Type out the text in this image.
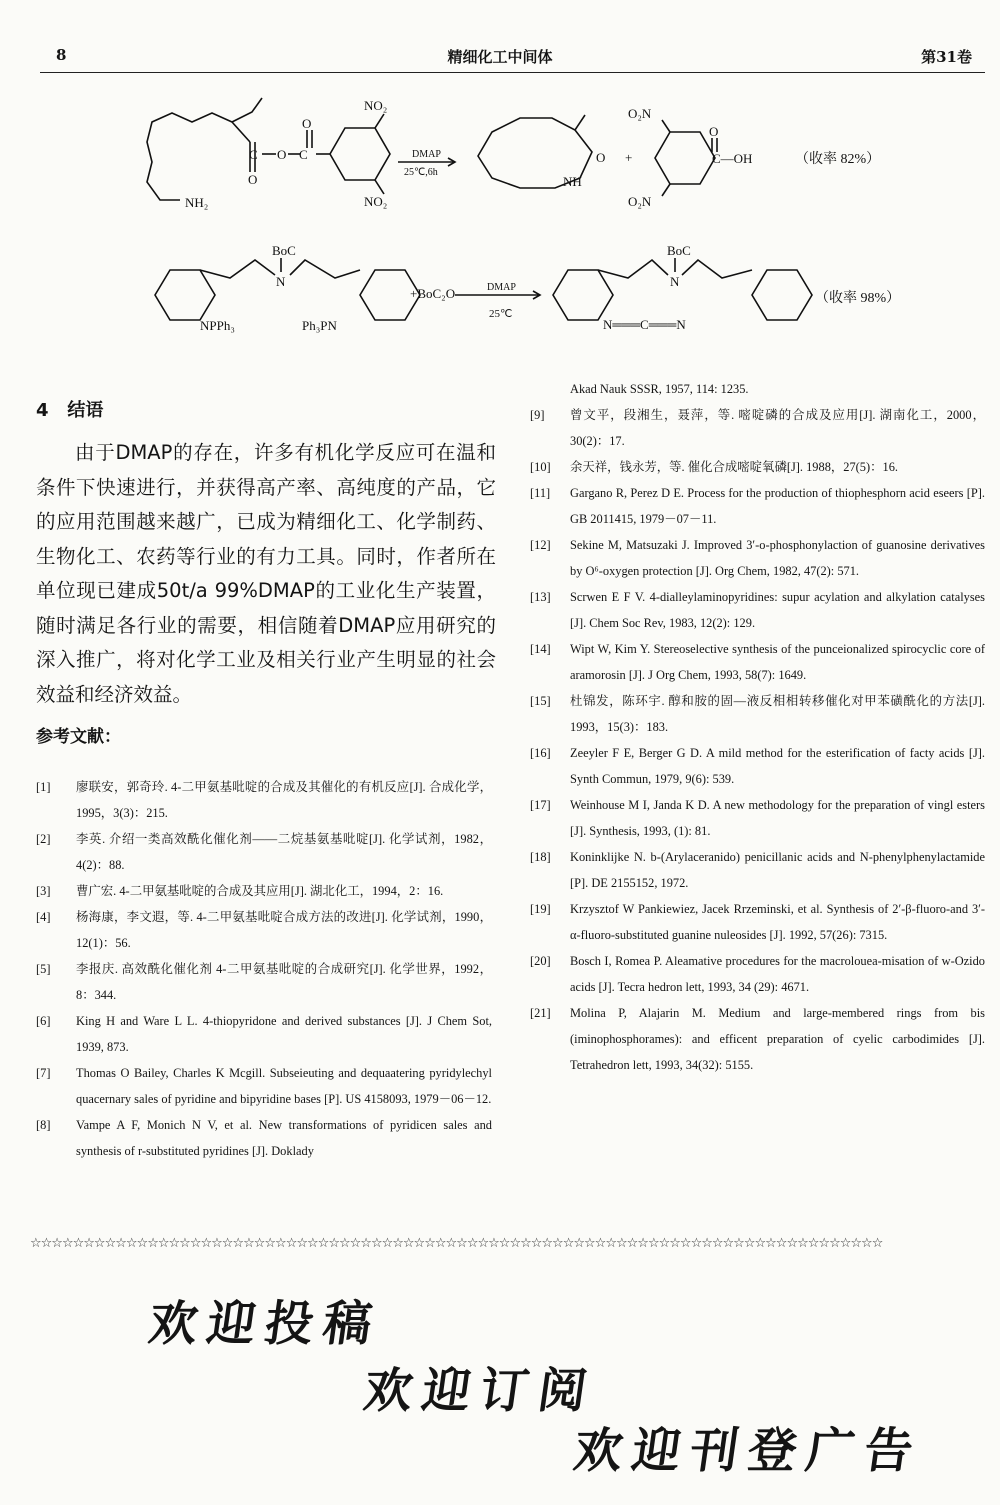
8	精细化工中间体	第31卷
NO₂
NO₂
NH₂
O
O
O
C	C	DMAP
25℃,6h
O
NH
+
O₂N
O₂N
O
C—OH	（收率 82%）
BoC
N
NPPh₃	Ph₃PN
+BoC₂O	DMAP
25℃
BoC
N
N═══C═══N
（收率 98%）
4 结语

由于DMAP的存在，许多有机化学反应可在温和条件下快速进行，并获得高产率、高纯度的产品，它的应用范围越来越广，已成为精细化工、化学制药、生物化工、农药等行业的有力工具。同时，作者所在单位现已建成50t/a 99%DMAP的工业化生产装置，随时满足各行业的需要，相信随着DMAP应用研究的深入推广，将对化学工业及相关行业产生明显的社会效益和经济效益。

参考文献：
[1] 廖联安，郭奇玲. 4-二甲氨基吡啶的合成及其催化的有机反应[J]. 合成化学，1995，3(3)：215.
[2] 李英. 介绍一类高效酰化催化剂——二烷基氨基吡啶[J]. 化学试剂，1982，4(2)：88.
[3] 曹广宏. 4-二甲氨基吡啶的合成及其应用[J]. 湖北化工，1994，2：16.
[4] 杨海康，李文遐，等. 4-二甲氨基吡啶合成方法的改进[J]. 化学试剂，1990，12(1)：56.
[5] 李报庆. 高效酰化催化剂 4-二甲氨基吡啶的合成研究[J]. 化学世界，1992，8：344.
[6] King H and Ware L L. 4-thiopyridone and derived substances [J]. J Chem Sot, 1939, 873.
[7] Thomas O Bailey, Charles K Mcgill. Subseieuting and dequaatering pyridylechyl quacernary sales of pyridine and bipyridine bases [P]. US 4158093, 1979－06－12.
[8] Vampe A F, Monich N V, et al. New transformations of pyridicen sales and synthesis of r-substituted pyridines [J]. Doklady
Akad Nauk SSSR, 1957, 114: 1235.
[9] 曾文平，段湘生，聂萍，等. 嘧啶磷的合成及应用[J]. 湖南化工，2000，30(2)：17.
[10] 余天祥，钱永芳，等. 催化合成嘧啶氧磷[J]. 1988，27(5)：16.
[11] Gargano R, Perez D E. Process for the production of thiophesphorn acid eseers [P]. GB 2011415, 1979－07－11.
[12] Sekine M, Matsuzaki J. Improved 3′-o-phosphonylaction of guanosine derivatives by O⁶-oxygen protection [J]. Org Chem, 1982, 47(2): 571.
[13] Scrwen E F V. 4-dialleylaminopyridines: supur acylation and alkylation catalyses [J]. Chem Soc Rev, 1983, 12(2): 129.
[14] Wipt W, Kim Y. Stereoselective synthesis of the punceionalized spirocyclic core of aramorosin [J]. J Org Chem, 1993, 58(7): 1649.
[15] 杜锦发，陈环宇. 醇和胺的固—液反相相转移催化对甲苯磺酰化的方法[J]. 1993，15(3)：183.
[16] Zeeyler F E, Berger G D. A mild method for the esterification of facty acids [J]. Synth Commun, 1979, 9(6): 539.
[17] Weinhouse M I, Janda K D. A new methodology for the preparation of vingl esters [J]. Synthesis, 1993, (1): 81.
[18] Koninklijke N. b-(Arylaceranido) penicillanic acids and N-phenylphenylactamide [P]. DE 2155152, 1972.
[19] Krzysztof W Pankiewiez, Jacek Rrzeminski, et al. Synthesis of 2′-β-fluoro-and 3′-α-fluoro-substituted guanine nuleosides [J]. 1992, 57(26): 7315.
[20] Bosch I, Romea P. Aleamative procedures for the macrolouea-misation of w-Ozido acids [J]. Tecra hedron lett, 1993, 34 (29): 4671.
[21] Molina P, Alajarin M. Medium and large-membered rings from bis (iminophosphorames): and efficent preparation of cyelic carbodimides [J]. Tetrahedron lett, 1993, 34(32): 5155.
☆☆☆☆☆☆☆☆☆☆☆☆☆☆☆☆☆☆☆☆☆☆☆☆☆☆☆☆☆☆☆☆☆☆☆☆☆☆☆☆☆☆☆☆☆☆☆☆☆☆☆☆☆☆☆☆☆☆☆☆☆☆☆☆☆☆☆☆☆☆☆☆☆☆☆☆☆☆☆☆
欢迎投稿
欢迎订阅
欢迎刊登广告
